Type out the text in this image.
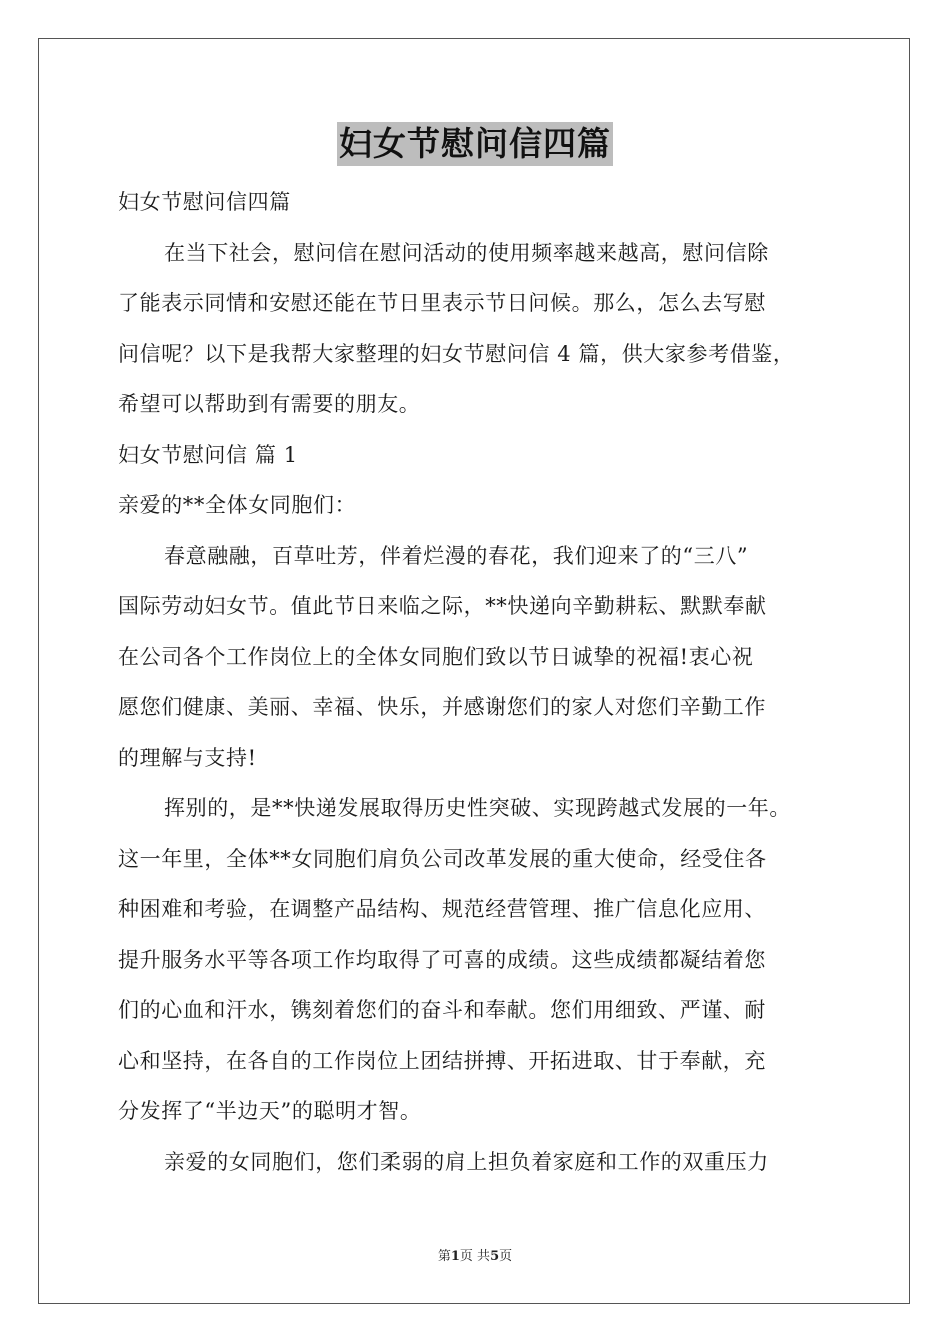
妇女节慰问信四篇
妇女节慰问信四篇
在当下社会，慰问信在慰问活动的使用频率越来越高，慰问信除
了能表示同情和安慰还能在节日里表示节日问候。那么，怎么去写慰
问信呢？以下是我帮大家整理的妇女节慰问信 4 篇，供大家参考借鉴，
希望可以帮助到有需要的朋友。
妇女节慰问信 篇 1
亲爱的**全体女同胞们：
春意融融，百草吐芳，伴着烂漫的春花，我们迎来了的“三八”
国际劳动妇女节。值此节日来临之际，**快递向辛勤耕耘、默默奉献
在公司各个工作岗位上的全体女同胞们致以节日诚挚的祝福!衷心祝
愿您们健康、美丽、幸福、快乐，并感谢您们的家人对您们辛勤工作
的理解与支持!
挥别的，是**快递发展取得历史性突破、实现跨越式发展的一年。
这一年里，全体**女同胞们肩负公司改革发展的重大使命，经受住各
种困难和考验，在调整产品结构、规范经营管理、推广信息化应用、
提升服务水平等各项工作均取得了可喜的成绩。这些成绩都凝结着您
们的心血和汗水，镌刻着您们的奋斗和奉献。您们用细致、严谨、耐
心和坚持，在各自的工作岗位上团结拼搏、开拓进取、甘于奉献，充
分发挥了“半边天”的聪明才智。
亲爱的女同胞们，您们柔弱的肩上担负着家庭和工作的双重压力
第1页 共5页
